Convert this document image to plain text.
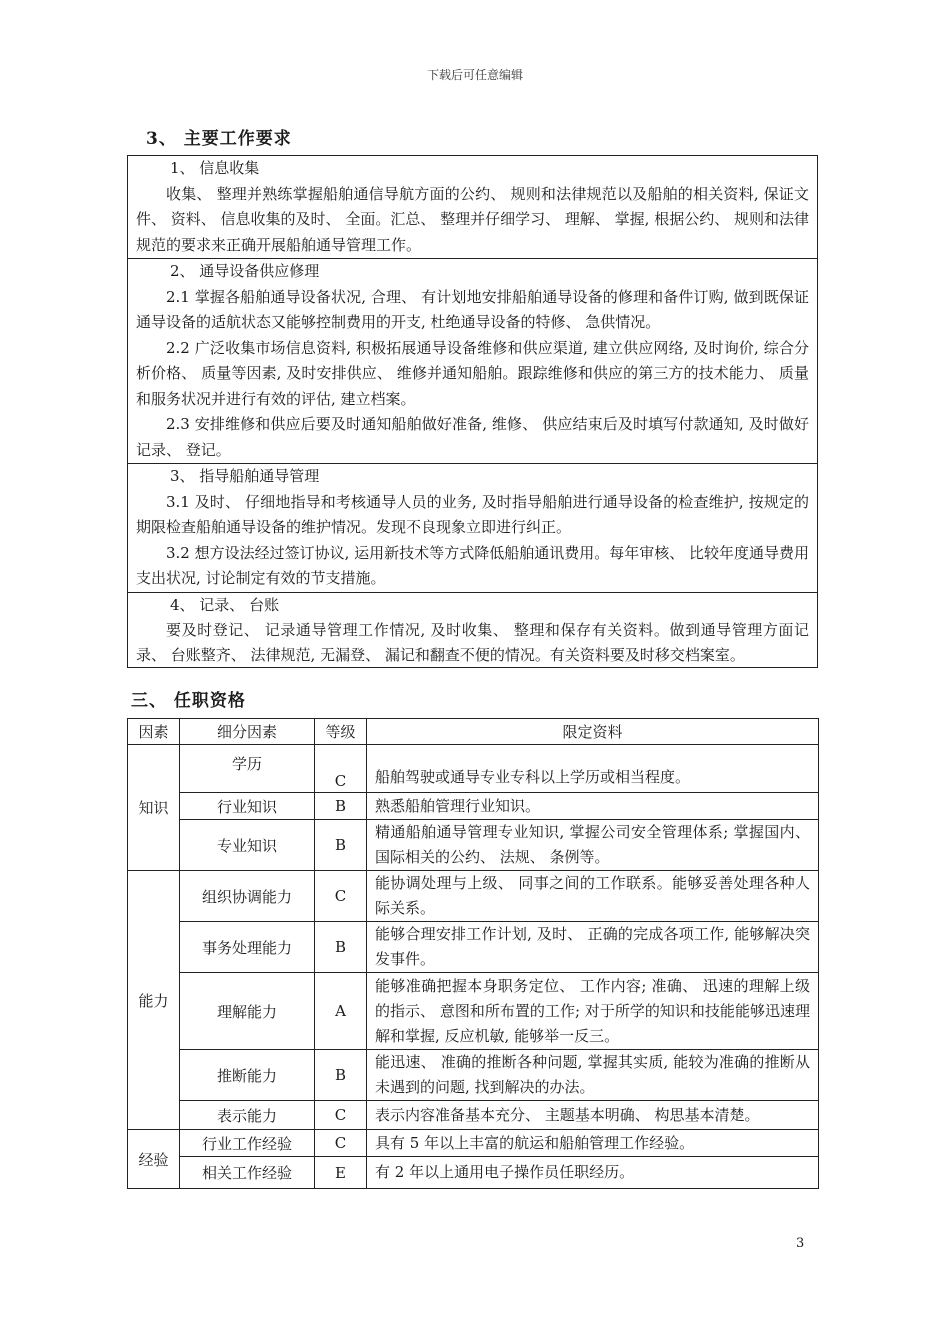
下载后可任意编辑
3、 主要工作要求

1、 信息收集

收集、 整理并熟练掌握船舶通信导航方面的公约、 规则和法律规范以及船舶的相关资料, 保证文件、 资料、 信息收集的及时、 全面。汇总、 整理并仔细学习、 理解、 掌握, 根据公约、 规则和法律规范的要求来正确开展船舶通导管理工作。

2、 通导设备供应修理

2.1 掌握各船舶通导设备状况, 合理、 有计划地安排船舶通导设备的修理和备件订购, 做到既保证通导设备的适航状态又能够控制费用的开支, 杜绝通导设备的特修、 急供情况。

2.2 广泛收集市场信息资料, 积极拓展通导设备维修和供应渠道, 建立供应网络, 及时询价, 综合分析价格、 质量等因素, 及时安排供应、 维修并通知船舶。跟踪维修和供应的第三方的技术能力、 质量和服务状况并进行有效的评估, 建立档案。

2.3 安排维修和供应后要及时通知船舶做好准备, 维修、 供应结束后及时填写付款通知, 及时做好记录、 登记。

3、 指导船舶通导管理

3.1 及时、 仔细地指导和考核通导人员的业务, 及时指导船舶进行通导设备的检查维护, 按规定的期限检查船舶通导设备的维护情况。发现不良现象立即进行纠正。

3.2 想方设法经过签订协议, 运用新技术等方式降低船舶通讯费用。每年审核、 比较年度通导费用支出状况, 讨论制定有效的节支措施。

4、 记录、 台账

要及时登记、 记录通导管理工作情况, 及时收集、 整理和保存有关资料。做到通导管理方面记录、 台账整齐、 法律规范, 无漏登、 漏记和翻查不便的情况。有关资料要及时移交档案室。

三、 任职资格
因素	细分因素	等级	限定资料
知识	学历	C	船舶驾驶或通导专业专科以上学历或相当程度。
	行业知识	B	熟悉船舶管理行业知识。
	专业知识	B	精通船舶通导管理专业知识, 掌握公司安全管理体系; 掌握国内、 国际相关的公约、 法规、 条例等。
能力	组织协调能力	C	能协调处理与上级、 同事之间的工作联系。能够妥善处理各种人际关系。
	事务处理能力	B	能够合理安排工作计划, 及时、 正确的完成各项工作, 能够解决突发事件。
	理解能力	A	能够准确把握本身职务定位、 工作内容; 准确、 迅速的理解上级的指示、 意图和所布置的工作; 对于所学的知识和技能能够迅速理解和掌握, 反应机敏, 能够举一反三。
	推断能力	B	能迅速、 准确的推断各种问题, 掌握其实质, 能较为准确的推断从未遇到的问题, 找到解决的办法。
	表示能力	C	表示内容准备基本充分、 主题基本明确、 构思基本清楚。
经验	行业工作经验	C	具有 5 年以上丰富的航运和船舶管理工作经验。
	相关工作经验	E	有 2 年以上通用电子操作员任职经历。
3
